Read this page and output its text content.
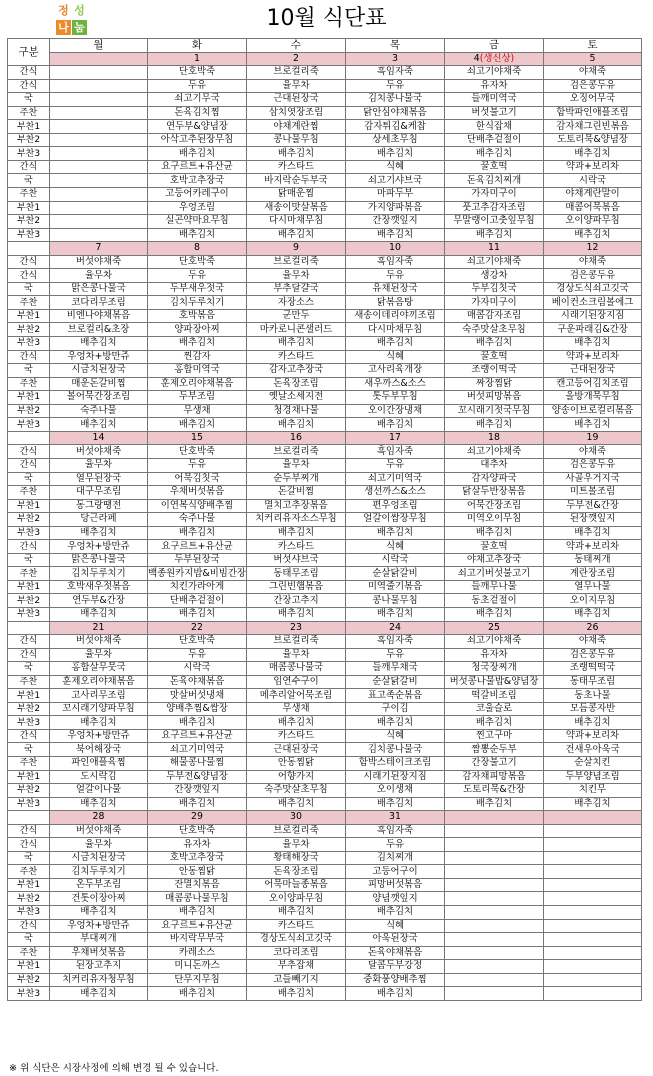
정 성
나 눔	10월 식단표
구분	월	화	수	목	금	토
		1	2	3	4(생신상)	5
간식		단호박죽	브로컬리죽	흑임자죽	쇠고기야채죽	야채죽
간식		두유	율무차	두유	유자차	검은콩두유
국		쇠고기무국	근대된장국	김치콩나물국	들깨미역국	오징어무국
주찬		돈육김치찜	삼치엿장조림	닭안심야채볶음	버섯불고기	함박파인애플조림
부찬1		연두부&양념장	야채계란찜	감자튀김&케찹	한식잡채	감자채그린빈볶음
부찬2		아삭고추된장무침	콩나물무침	상세초무침	단배추겉절이	도토리묵&양념장
부찬3		배추김치	배추김치	배추김치	배추김치	배추김치
간식		요구르트+유산균	카스타드	식혜	꿀호떡	약과+보리차
국		호박고추장국	바지락순두부국	쇠고기샤브국	돈육김치찌개	시락국
주찬		고등어카레구이	닭매운찜	마파두부	가자미구이	야채계란말이
부찬1		우엉조림	새송이맛살볶음	가지양파볶음	풋고추감자조림	매콤어묵볶음
부찬2		실곤약마요무침	다시마채무침	간장깻잎지	무말랭이고춧잎무침	오이양파무침
부찬3		배추김치	배추김치	배추김치	배추김치	배추김치
	7	8	9	10	11	12
간식	버섯야채죽	단호박죽	브로컬리죽	흑임자죽	쇠고기야채죽	야채죽
간식	율무차	두유	율무차	두유	생강차	검은콩두유
국	맑은콩나물국	두부새우젓국	부추달걀국	유채된장국	두부김칫국	경상도식쇠고깃국
주찬	코다리무조림	김치두루치기	자장소스	닭볶음탕	가자미구이	베이컨소크림볼에그
부찬1	비엔나야채볶음	호박볶음	군만두	새송이데리야끼조림	매콤감자조림	시래기된장지짐
부찬2	브로컬리&초장	양파장아찌	마카로니콘샐러드	다시마채무침	숙주맛살초무침	구운파래김&간장
부찬3	배추김치	배추김치	배추김치	배추김치	배추김치	배추김치
간식	우엉차+방만쥬	찐감자	카스타드	식혜	꿀호떡	약과+보리차
국	시금치된장국	홍합미역국	감자고추장국	고사리육개장	조랭이떡국	근대된장국
주찬	매운돈갈비찜	훈제오리야채볶음	돈육장조림	새우까스&소스	짜장찜닭	캔고등어김치조림
부찬1	볼어묵간장조림	두부조림	옛날소세지전	톳두부무침	버섯피망볶음	올방개묵무침
부찬2	숙주나물	무생채	청경채나물	오이간장냉채	꼬시래기젓국무침	양송이브로컬리볶음
부찬3	배추김치	배추김치	배추김치	배추김치	배추김치	배추김치
	14	15	16	17	18	19
간식	버섯야채죽	단호박죽	브로컬리죽	흑임자죽	쇠고기야채죽	야채죽
간식	율무차	두유	율무차	두유	대추차	검은콩두유
국	열무된장국	어묵김칫국	순두부찌개	쇠고기미역국	감자양파국	사골우거지국
주찬	대구무조림	우채버섯볶음	돈갈비찜	생선까스&소스	닭살두반장볶음	미트볼조림
부찬1	동그랑땡전	이연복식양배추찜	멸치고추장볶음	편우엉조림	어묵간장조림	두부전&간장
부찬2	당근라페	숙주나물	치커리유자소스무침	얼갈이쌈장무침	미역오이무침	된장깻잎지
부찬3	배추김치	배추김치	배추김치	배추김치	배추김치	배추김치
간식	우엉차+방만쥬	요구르트+유산균	카스타드	식혜	꿀호떡	약과+보리차
국	맑은콩나물국	두부된장국	버섯샤브국	시락국	야채고추장국	동태찌개
주찬	김치두루치기	백종원카지밥&비빔간장	동태무조림	순살닭갈비	쇠고기버섯불고기	계란장조림
부찬1	호박새우젓볶음	치킨가라아게	그린빈햄볶음	미역줄기볶음	들깨무나물	열무나물
부찬2	연두부&간장	단배추겉절이	간장고추지	콩나물무침	동초겉절이	오이지무침
부찬3	배추김치	배추김치	배추김치	배추김치	배추김치	배추김치
	21	22	23	24	25	26
간식	버섯야채죽	단호박죽	브로컬리죽	흑임자죽	쇠고기야채죽	야채죽
간식	율무차	두유	율무차	두유	유자차	검은콩두유
국	홍합살무뭇국	시락국	매콤콩나물국	들깨무채국	청국장찌개	조랭떡떡국
주찬	훈제오리야채볶음	돈육야채볶음	임연수구이	순살닭갈비	버섯콩나물밥&양념장	동태무조림
부찬1	고사리무조림	맛살버섯냉채	메추리알어묵조림	표고족순볶음	떡갈비조림	동초나물
부찬2	꼬시래기양파무침	양배추찜&쌈장	무생채	구이김	코울슬로	모듬콩자반
부찬3	배추김치	배추김치	배추김치	배추김치	배추김치	배추김치
간식	우엉차+방만쥬	요구르트+유산균	카스타드	식혜	찐고구마	약과+보리차
국	북어해장국	쇠고기미역국	근대된장국	김치콩나물국	짬뽕순두부	건새우아욱국
주찬	파인애플육찜	해물콩나물찜	안동찜닭	함박스테이크조림	간장불고기	순살치킨
부찬1	도시락김	두부전&양념장	어향가지	시래기된장지짐	감자채피망볶음	두부양념조림
부찬2	얼갈이나물	간장깻잎지	숙주맛살초무침	오이생채	도토리묵&간장	치킨무
부찬3	배추김치	배추김치	배추김치	배추김치	배추김치	배추김치
	28	29	30	31		
간식	버섯야채죽	단호박죽	브로컬리죽	흑임자죽		
간식	율무차	유자차	율무차	두유		
국	시금치된장국	호박고추장국	황태해장국	김치찌개		
주찬	김치두루치기	안동찜닭	돈육장조림	고등어구이		
부찬1	온두부조림	잔멸치볶음	어묵마늘종볶음	피망버섯볶음		
부찬2	건톳이장아찌	매콤콩나물무침	오이양파무침	양념깻잎지		
부찬3	배추김치	배추김치	배추김치	배추김치		
간식	우엉차+방만쥬	요구르트+유산균	카스타드	식혜		
국	부대찌개	바지락무부국	경상도식쇠고깃국	아욱된장국		
주찬	우채버섯볶음	카레소스	코다리조림	돈육야채볶음		
부찬1	된장고추지	미니돈까스	부추잡채	달콤두부강정		
부찬2	치커리유자청무침	단무지무침	고들빼기지	중화풍양배추찜		
부찬3	배추김치	배추김치	배추김치	배추김치		
※ 위 식단은 시장사정에 의해 변경 될 수 있습니다.
